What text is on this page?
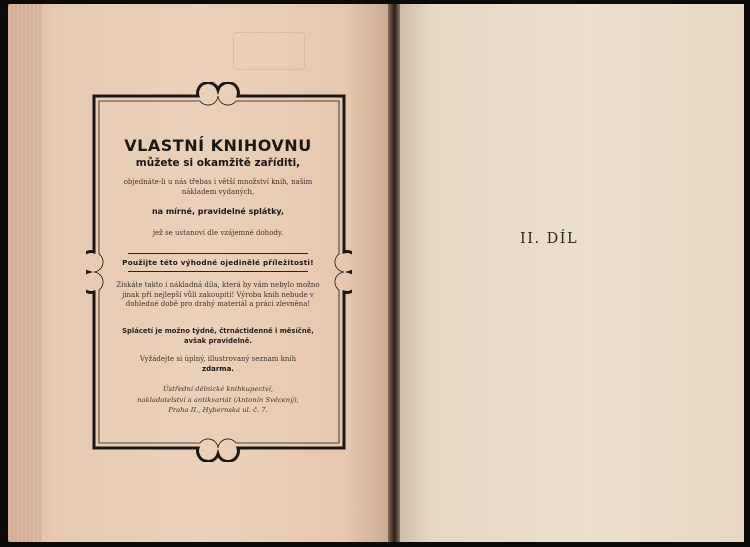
VLASTNÍ KNIHOVNU
můžete si okamžitě zaříditi,
objednáte-li u nás třebas i větší množství knih, našim nákladem vydaných,
na mírné, pravidelné splátky,
jež se ustanoví dle vzájemné dohody.
Použijte této výhodné ojedinělé příležitosti!
Získáte takto i nákladná díla, která by vám nebylo možno jinak při nejlepší vůli zakoupiti! Výroba knih nebude v dohledné době pro drahý materiál a práci zlevněna!
Splácetí je možno týdně, čtrnáctidenně i měsíčně, avšak pravidelně.
Vyžádejte si úplný, illustrovaný seznam knih
zdarma.
Ústřední dělnické knihkupectví,
nakladatelství a antikvariát (Antonín Svěcený),
Praha II., Hybernská ul. č. 7.
II. DÍL
